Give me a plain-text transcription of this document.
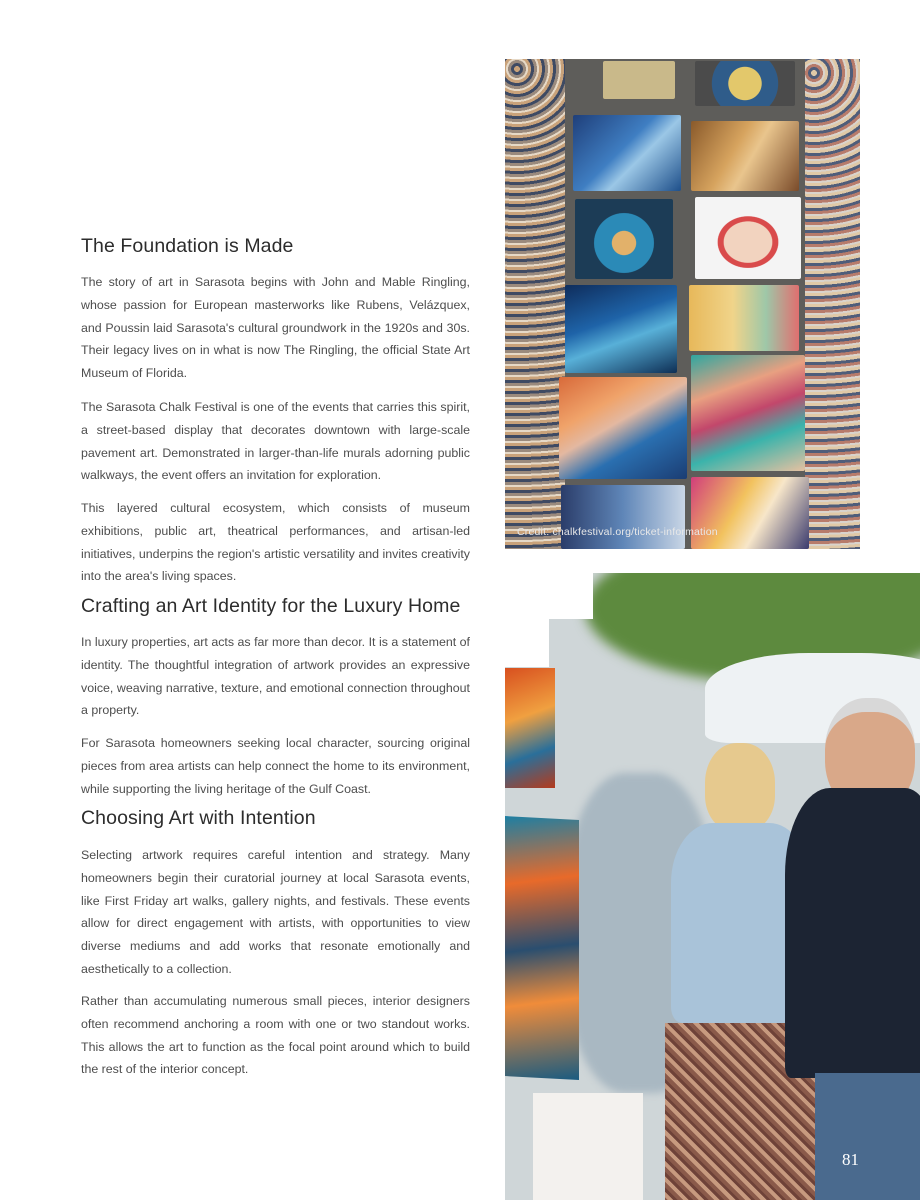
The Foundation is Made

The story of art in Sarasota begins with John and Mable Ringling, whose passion for European masterworks like Rubens, Velázquex, and Poussin laid Sarasota's cultural groundwork in the 1920s and 30s. Their legacy lives on in what is now The Ringling, the official State Art Museum of Florida.

The Sarasota Chalk Festival is one of the events that carries this spirit, a street-based display that decorates downtown with large-scale pavement art. Demonstrated in larger-than-life murals adorning public walkways, the event offers an invitation for exploration.

This layered cultural ecosystem, which consists of museum exhibitions, public art, theatrical performances, and artisan-led initiatives, underpins the region's artistic versatility and invites creativity into the area's living spaces.

Crafting an Art Identity for the Luxury Home

In luxury properties, art acts as far more than decor. It is a statement of identity. The thoughtful integration of artwork provides an expressive voice, weaving narrative, texture, and emotional connection throughout a property.

For Sarasota homeowners seeking local character, sourcing original pieces from area artists can help connect the home to its environment, while supporting the living heritage of the Gulf Coast.

Choosing Art with Intention

Selecting artwork requires careful intention and strategy. Many homeowners begin their curatorial journey at local Sarasota events, like First Friday art walks, gallery nights, and festivals. These events allow for direct engagement with artists, with opportunities to view diverse mediums and add works that resonate emotionally and aesthetically to a collection.

Rather than accumulating numerous small pieces, interior designers often recommend anchoring a room with one or two standout works. This allows the art to function as the focal point around which to build the rest of the interior concept.

Credit: chalkfestival.org/ticket-information
81
